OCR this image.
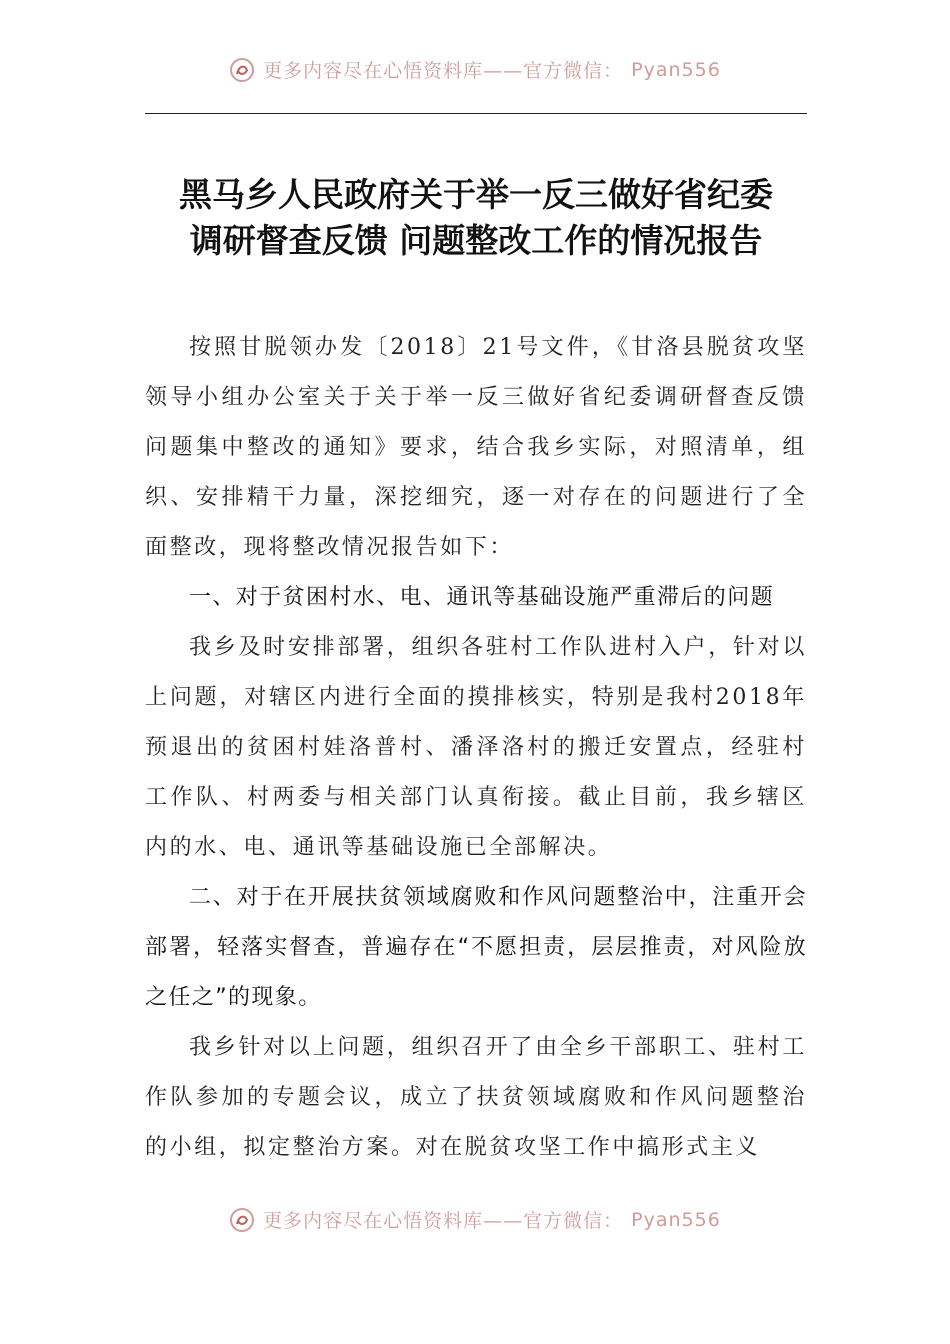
更多内容尽在心悟资料库——官方微信： Pyan556
黑马乡人民政府关于举一反三做好省纪委
调研督查反馈 问题整改工作的情况报告

按照甘脱领办发〔2018〕21号文件，《甘洛县脱贫攻坚领导小组办公室关于关于举一反三做好省纪委调研督查反馈问题集中整改的通知》要求，结合我乡实际，对照清单，组织、安排精干力量，深挖细究，逐一对存在的问题进行了全面整改，现将整改情况报告如下：

一、对于贫困村水、电、通讯等基础设施严重滞后的问题

我乡及时安排部署，组织各驻村工作队进村入户，针对以上问题，对辖区内进行全面的摸排核实，特别是我村2018年预退出的贫困村娃洛普村、潘泽洛村的搬迁安置点，经驻村工作队、村两委与相关部门认真衔接。截止目前，我乡辖区内的水、电、通讯等基础设施已全部解决。

二、对于在开展扶贫领域腐败和作风问题整治中，注重开会部署，轻落实督查，普遍存在“不愿担责，层层推责，对风险放之任之”的现象。

我乡针对以上问题，组织召开了由全乡干部职工、驻村工作队参加的专题会议，成立了扶贫领域腐败和作风问题整治的小组，拟定整治方案。对在脱贫攻坚工作中搞形式主义

更多内容尽在心悟资料库——官方微信： Pyan556
